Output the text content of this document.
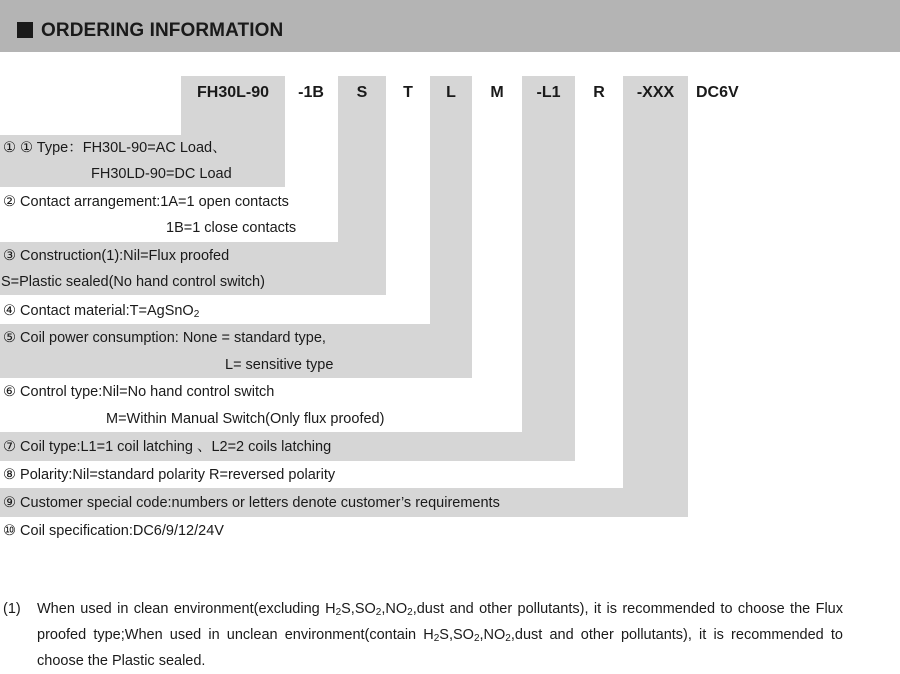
ORDERING INFORMATION
FH30L-90	-1B	S	T	L	M	-L1	R	-XXX	DC6V
① ① Type：FH30L-90=AC Load、
FH30LD-90=DC Load
② Contact arrangement:1A=1 open contacts
1B=1 close contacts
③ Construction(1):Nil=Flux proofed
S=Plastic sealed(No hand control switch)
④ Contact material:T=AgSnO$_2$
⑤ Coil power consumption: None = standard type,
L= sensitive type
⑥ Control type:Nil=No hand control switch
M=Within Manual Switch(Only flux proofed)
⑦ Coil type:L1=1 coil latching 、L2=2 coils latching
⑧ Polarity:Nil=standard polarity R=reversed polarity
⑨ Customer special code:numbers or letters denote customer’s requirements
⑩ Coil specification:DC6/9/12/24V
(1) When used in clean environment(excluding $H_2S,SO_2,NO_2,dust$ and other pollutants), it is recommended to choose the Flux proofed type;When used in unclean environment(contain $H_2S,SO_2,NO_2,dust$ and other pollutants), it is recommended to choose the Plastic sealed.
